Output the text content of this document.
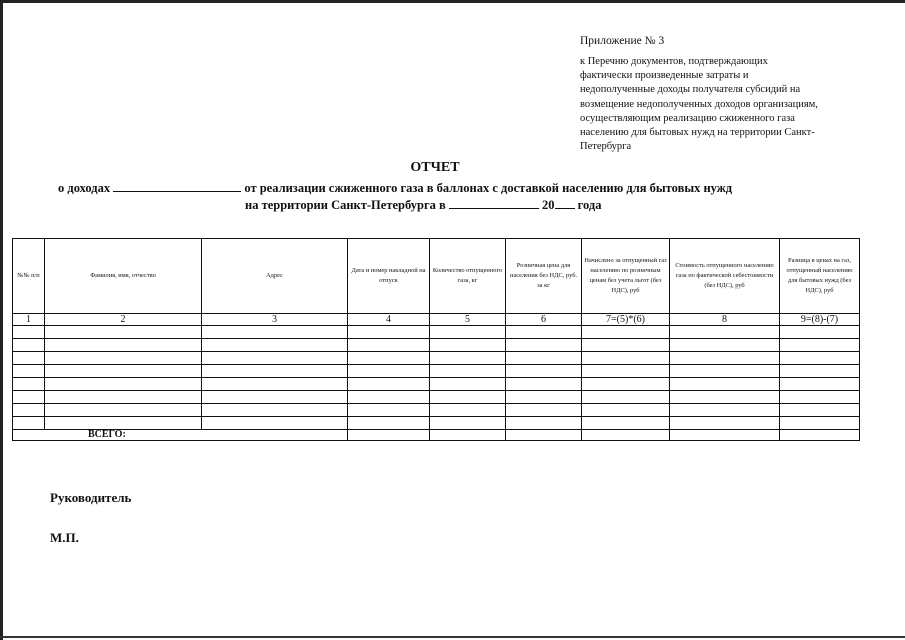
Приложение № 3
к Перечню документов, подтверждающих
фактически произведенные затраты и
недополученные доходы получателя субсидий на
возмещение недополученных доходов организациям,
осуществляющим реализацию сжиженного газа
населению для бытовых нужд на территории Санкт-
Петербурга
ОТЧЕТ
о доходах	от реализации сжиженного газа в баллонах с доставкой населению для бытовых нужд
на территории Санкт-Петербурга в	20 года
№№ п/п	Фамилия, имя, отчество	Адрес	Дата и номер накладной на отпуск	Количество отпущенного газа, кг	Розничная цена для населения без НДС, руб. за кг	Начислено за отпущенный газ населению по розничным ценам без учета льгот (без НДС), руб	Стоимость отпущенного населению газа по фактической себестоимости (без НДС), руб	Разница в ценах на газ, отпущенный населению для бытовых нужд (без НДС), руб
1	2	3	4	5	6	7=(5)*(6)	8	9=(8)-(7)

ВСЕГО:								
Руководитель
М.П.
